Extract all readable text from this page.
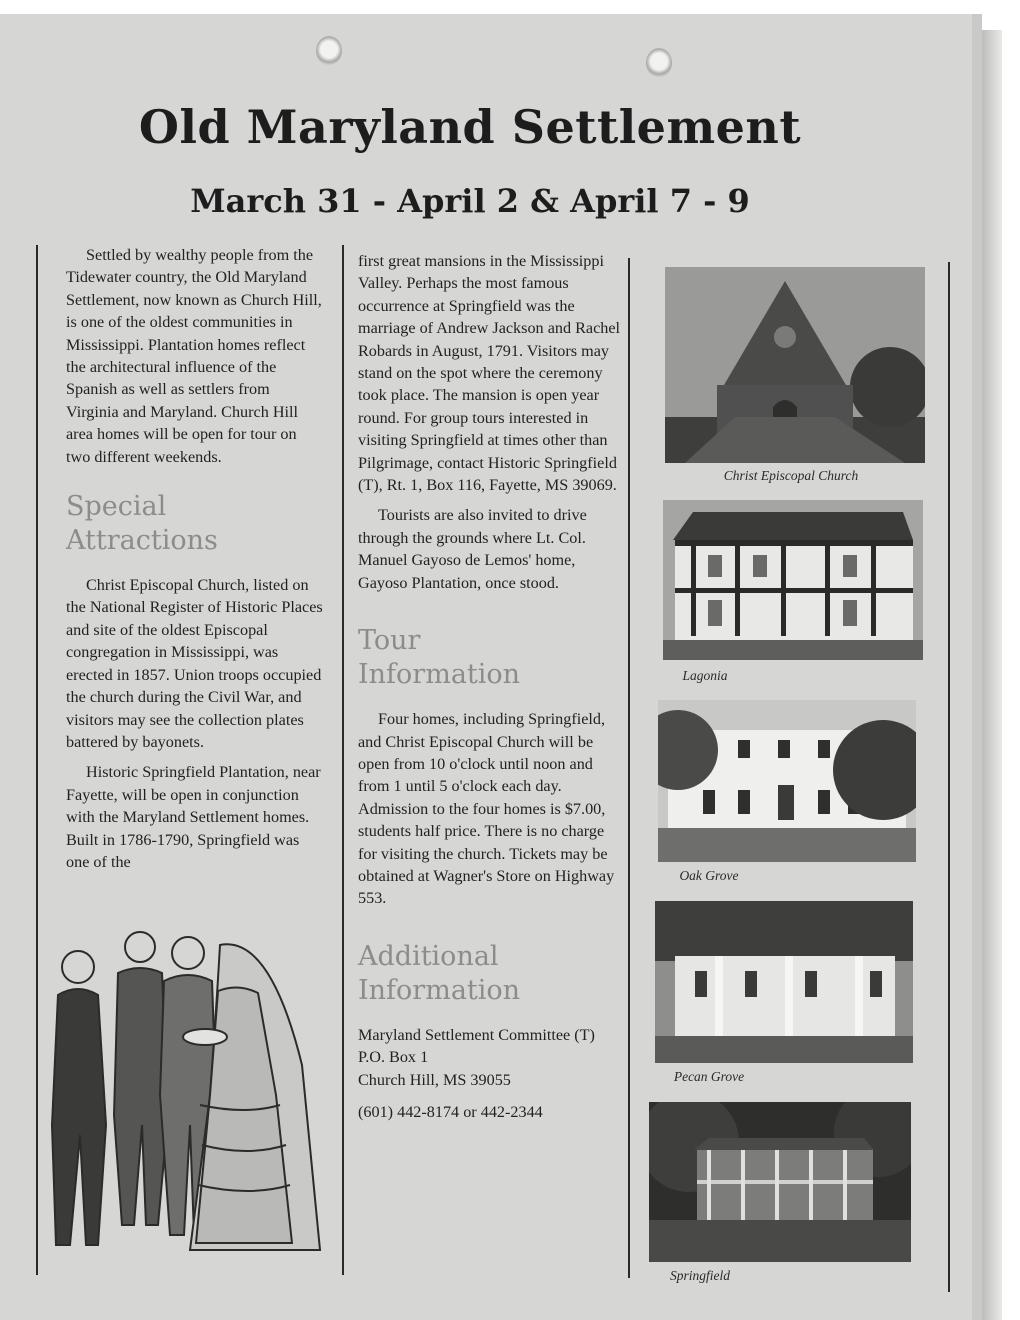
Old Maryland Settlement
March 31 - April 2 & April 7 - 9

Settled by wealthy people from the Tidewater country, the Old Maryland Settlement, now known as Church Hill, is one of the oldest communities in Mississippi. Plantation homes reflect the architectural influence of the Spanish as well as settlers from Virginia and Maryland. Church Hill area homes will be open for tour on two different weekends.

Special
Attractions

Christ Episcopal Church, listed on the National Register of Historic Places and site of the oldest Episcopal congregation in Mississippi, was erected in 1857. Union troops occupied the church during the Civil War, and visitors may see the collection plates battered by bayonets.

Historic Springfield Plantation, near Fayette, will be open in conjunction with the Maryland Settlement homes. Built in 1786-1790, Springfield was one of the

first great mansions in the Mississippi Valley. Perhaps the most famous occurrence at Springfield was the marriage of Andrew Jackson and Rachel Robards in August, 1791. Visitors may stand on the spot where the ceremony took place. The mansion is open year round. For group tours interested in visiting Springfield at times other than Pilgrimage, contact Historic Springfield (T), Rt. 1, Box 116, Fayette, MS 39069.

Tourists are also invited to drive through the grounds where Lt. Col. Manuel Gayoso de Lemos' home, Gayoso Plantation, once stood.

Tour
Information

Four homes, including Springfield, and Christ Episcopal Church will be open from 10 o'clock until noon and from 1 until 5 o'clock each day. Admission to the four homes is $7.00, students half price. There is no charge for visiting the church. Tickets may be obtained at Wagner's Store on Highway 553.

Additional
Information

Maryland Settlement Committee (T)

P.O. Box 1

Church Hill, MS 39055

(601) 442-8174 or 442-2344

Christ Episcopal Church
Lagonia
Oak Grove
Pecan Grove
Springfield
